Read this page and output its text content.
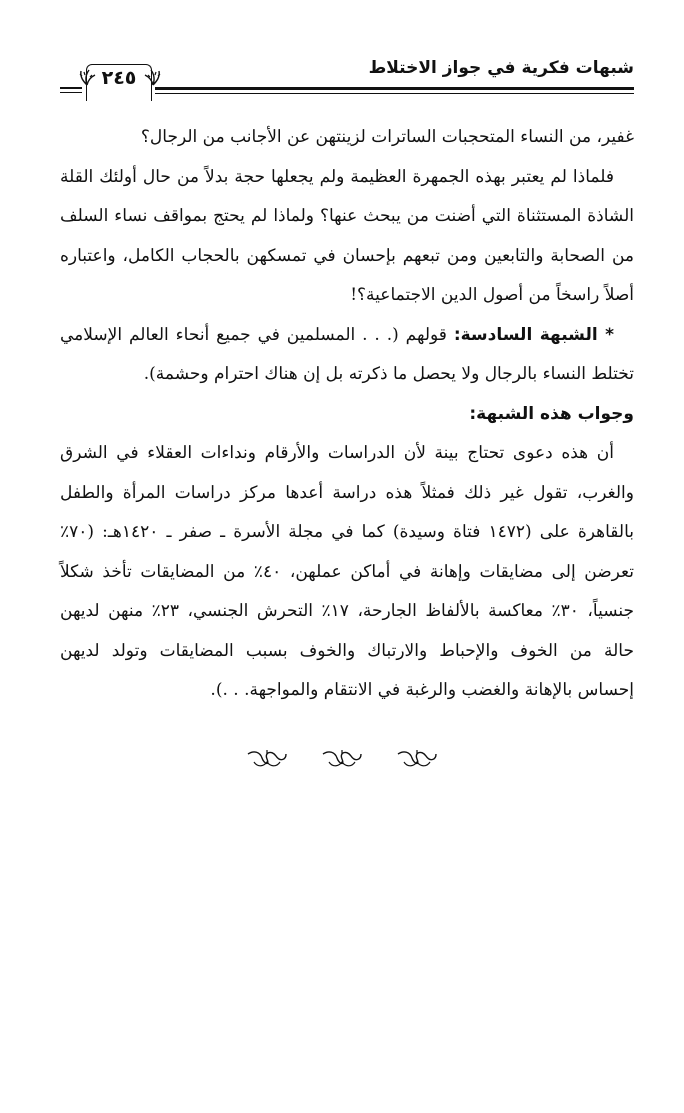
شبهات فكرية في جواز الاختلاط
٢٤٥

غفير، من النساء المتحجبات الساترات لزينتهن عن الأجانب من الرجال؟

فلماذا لم يعتبر بهذه الجمهرة العظيمة ولم يجعلها حجة بدلاً من حال أولئك القلة الشاذة المستثناة التي أضنت من يبحث عنها؟ ولماذا لم يحتج بمواقف نساء السلف من الصحابة والتابعين ومن تبعهم بإحسان في تمسكهن بالحجاب الكامل، واعتباره أصلاً راسخاً من أصول الدين الاجتماعية؟!

* الشبهة السادسة: قولهم (. . . المسلمين في جميع أنحاء العالم الإسلامي تختلط النساء بالرجال ولا يحصل ما ذكرته بل إن هناك احترام وحشمة).

وجواب هذه الشبهة:

أن هذه دعوى تحتاج بينة لأن الدراسات والأرقام ونداءات العقلاء في الشرق والغرب، تقول غير ذلك فمثلاً هذه دراسة أعدها مركز دراسات المرأة والطفل بالقاهرة على (١٤٧٢ فتاة وسيدة) كما في مجلة الأسرة ـ صفر ـ ١٤٢٠هـ: (٧٠٪ تعرضن إلى مضايقات وإهانة في أماكن عملهن، ٤٠٪ من المضايقات تأخذ شكلاً جنسياً، ٣٠٪ معاكسة بالألفاظ الجارحة، ١٧٪ التحرش الجنسي، ٢٣٪ منهن لديهن حالة من الخوف والإحباط والارتباك والخوف بسبب المضايقات وتولد لديهن إحساس بالإهانة والغضب والرغبة في الانتقام والمواجهة. . .).
